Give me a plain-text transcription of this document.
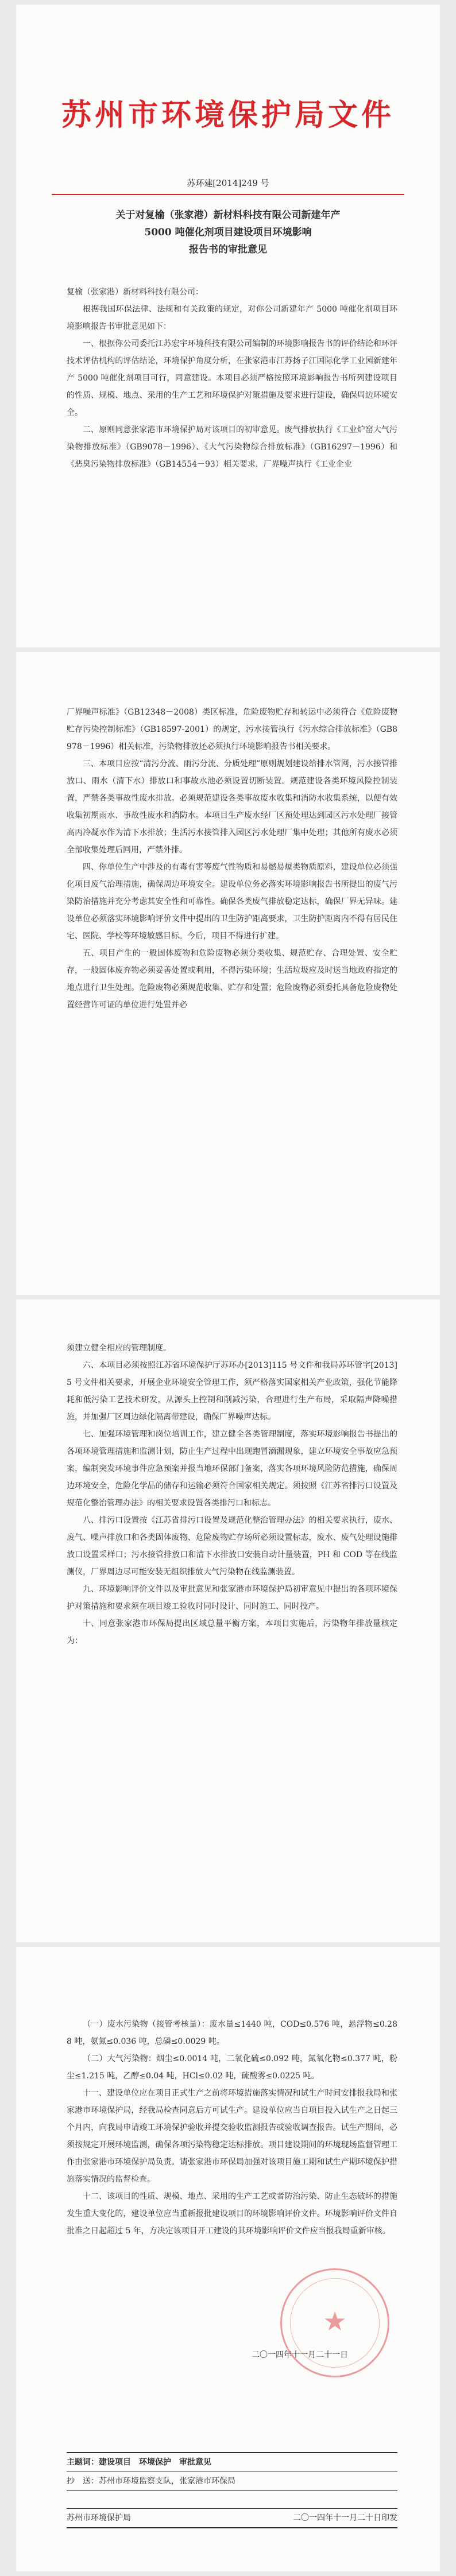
苏州市环境保护局文件
苏环建[2014]249 号
关于对复榆（张家港）新材料科技有限公司新建年产
5000 吨催化剂项目建设项目环境影响
报告书的审批意见

复榆（张家港）新材料科技有限公司：

根据我国环保法律、法规和有关政策的规定，对你公司新建年产 5000 吨催化剂项目环境影响报告书审批意见如下：

一、根据你公司委托江苏宏宇环境科技有限公司编制的环境影响报告书的评价结论和环评技术评估机构的评估结论，环境保护角度分析，在张家港市江苏扬子江国际化学工业园新建年产 5000 吨催化剂项目可行，同意建设。本项目必须严格按照环境影响报告书所列建设项目的性质、规模、地点、采用的生产工艺和环境保护对策措施及要求进行建设，确保周边环境安全。

二、原则同意张家港市环境保护局对该项目的初审意见。废气排放执行《工业炉窑大气污染物排放标准》（GB9078－1996）、《大气污染物综合排放标准》（GB16297－1996）和《恶臭污染物排放标准》（GB14554－93）相关要求，厂界噪声执行《工业企业

厂界噪声标准》（GB12348－2008）类区标准，危险废物贮存和转运中必须符合《危险废物贮存污染控制标准》（GB18597-2001）的规定，污水接管执行《污水综合排放标准》（GB8978－1996）相关标准，污染物排放还必须执行环境影响报告书相关要求。

三、本项目应按“清污分流、雨污分流、分质处理”原则规划建设给排水管网，污水接管排放口、雨水（清下水）排放口和事故水池必须设置切断装置。规范建设各类环境风险控制装置，严禁各类事故性废水排放。必须规范建设各类事故废水收集和消防水收集系统，以便有效收集初期雨水、事故性废水和消防水。本项目生产废水经厂区预处理达到园区污水处理厂接管高丙冷凝水作为清下水排放；生活污水接管排入园区污水处理厂集中处理；其他所有废水必须全部收集处理后回用，严禁外排。

四、你单位生产中涉及的有毒有害等废气性物质和易燃易爆类物质原料，建设单位必须强化项目废气治理措施，确保周边环境安全。建设单位务必落实环境影响报告书所提出的废气污染防治措施并充分考虑其安全性和可靠性。确保各类废气排放稳定达标，确保厂界无异味。建设单位必须落实环境影响评价文件中提出的卫生防护距离要求，卫生防护距离内不得有居民住宅、医院、学校等环境敏感目标。今后，项目不得进行扩建。

五、项目产生的一般固体废物和危险废物必须分类收集、规范贮存、合理处置、安全贮存，一般固体废弃物必须妥善处置或利用，不得污染环境；生活垃圾应及时送当地政府指定的地点进行卫生处理。危险废物必须规范收集、贮存和处置；危险废物必须委托具备危险废物处置经营许可证的单位进行处置并必

须建立健全相应的管理制度。

六、本项目必须按照江苏省环境保护厅苏环办[2013]115 号文件和我局苏环管字[2013]5 号文件相关要求，开展企业环境安全管理工作，须严格落实国家相关产业政策，强化节能降耗和低污染工艺技术研发，从源头上控制和削减污染，合理进行生产布局，采取隔声降噪措施，并加强厂区周边绿化隔离带建设，确保厂界噪声达标。

七、加强环境管理和岗位培训工作，建立健全各类管理制度，落实环境影响报告书提出的各项环境管理措施和监测计划，防止生产过程中出现跑冒滴漏现象，建立环境安全事故应急预案，编制突发环境事件应急预案并报当地环保部门备案，落实各项环境风险防范措施，确保周边环境安全，危险化学品的储存和运输必须符合国家相关规定。须按照《江苏省排污口设置及规范化整治管理办法》的相关要求设置各类排污口和标志。

八、排污口设置按《江苏省排污口设置及规范化整治管理办法》的相关要求执行，废水、废气、噪声排放口和各类固体废物、危险废物贮存场所必须设置标志，废水、废气处理设施排放口设置采样口；污水接管排放口和清下水排放口安装自动计量装置，PH 和 COD 等在线监测仪，厂界周边尽可能安装无组织排放大气污染物在线监测装置。

九、环境影响评价文件以及审批意见和张家港市环境保护局初审意见中提出的各项环境保护对策措施和要求须在项目竣工验收时同时设计、同时施工、同时投产。

十、同意张家港市环保局提出区域总量平衡方案，本项目实施后，污染物年排放量核定为：

（一）废水污染物（接管考核量）：废水量≤1440 吨，COD≤0.576 吨，悬浮物≤0.288 吨，氨氮≤0.036 吨，总磷≤0.0029 吨。

（二）大气污染物：烟尘≤0.0014 吨，二氧化硫≤0.092 吨，氮氧化物≤0.377 吨，粉尘≤1.215 吨，乙醇≤0.04 吨，HCl≤0.02 吨，硫酸雾≤0.0225 吨。

十一、建设单位应在项目正式生产之前将环境措施落实情况和试生产时间安排报我局和张家港市环境保护局，经我局检查同意后方可试生产。建设单位应当自项目投入试生产之日起三个月内，向我局申请竣工环境保护验收并提交验收监测报告或验收调查报告。试生产期间，必须按规定开展环境监测，确保各项污染物稳定达标排放。项目建设期间的环境现场监督管理工作由张家港市环境保护局负责。请张家港市环保局加强对该项目施工期和试生产期环境保护措施落实情况的监督检查。

十二、该项目的性质、规模、地点、采用的生产工艺或者防治污染、防止生态破坏的措施发生重大变化的，建设单位应当重新报批建设项目的环境影响评价文件。环境影响评价文件自批准之日起超过 5 年，方决定该项目开工建设的其环境影响评价文件应当报我局重新审核。

★
二〇一四年十一月二十一日
主题词：建设项目　环境保护　审批意见
抄　送：苏州市环境监察支队，张家港市环保局
苏州市环境保护局	二〇一四年十一月二十日印发
